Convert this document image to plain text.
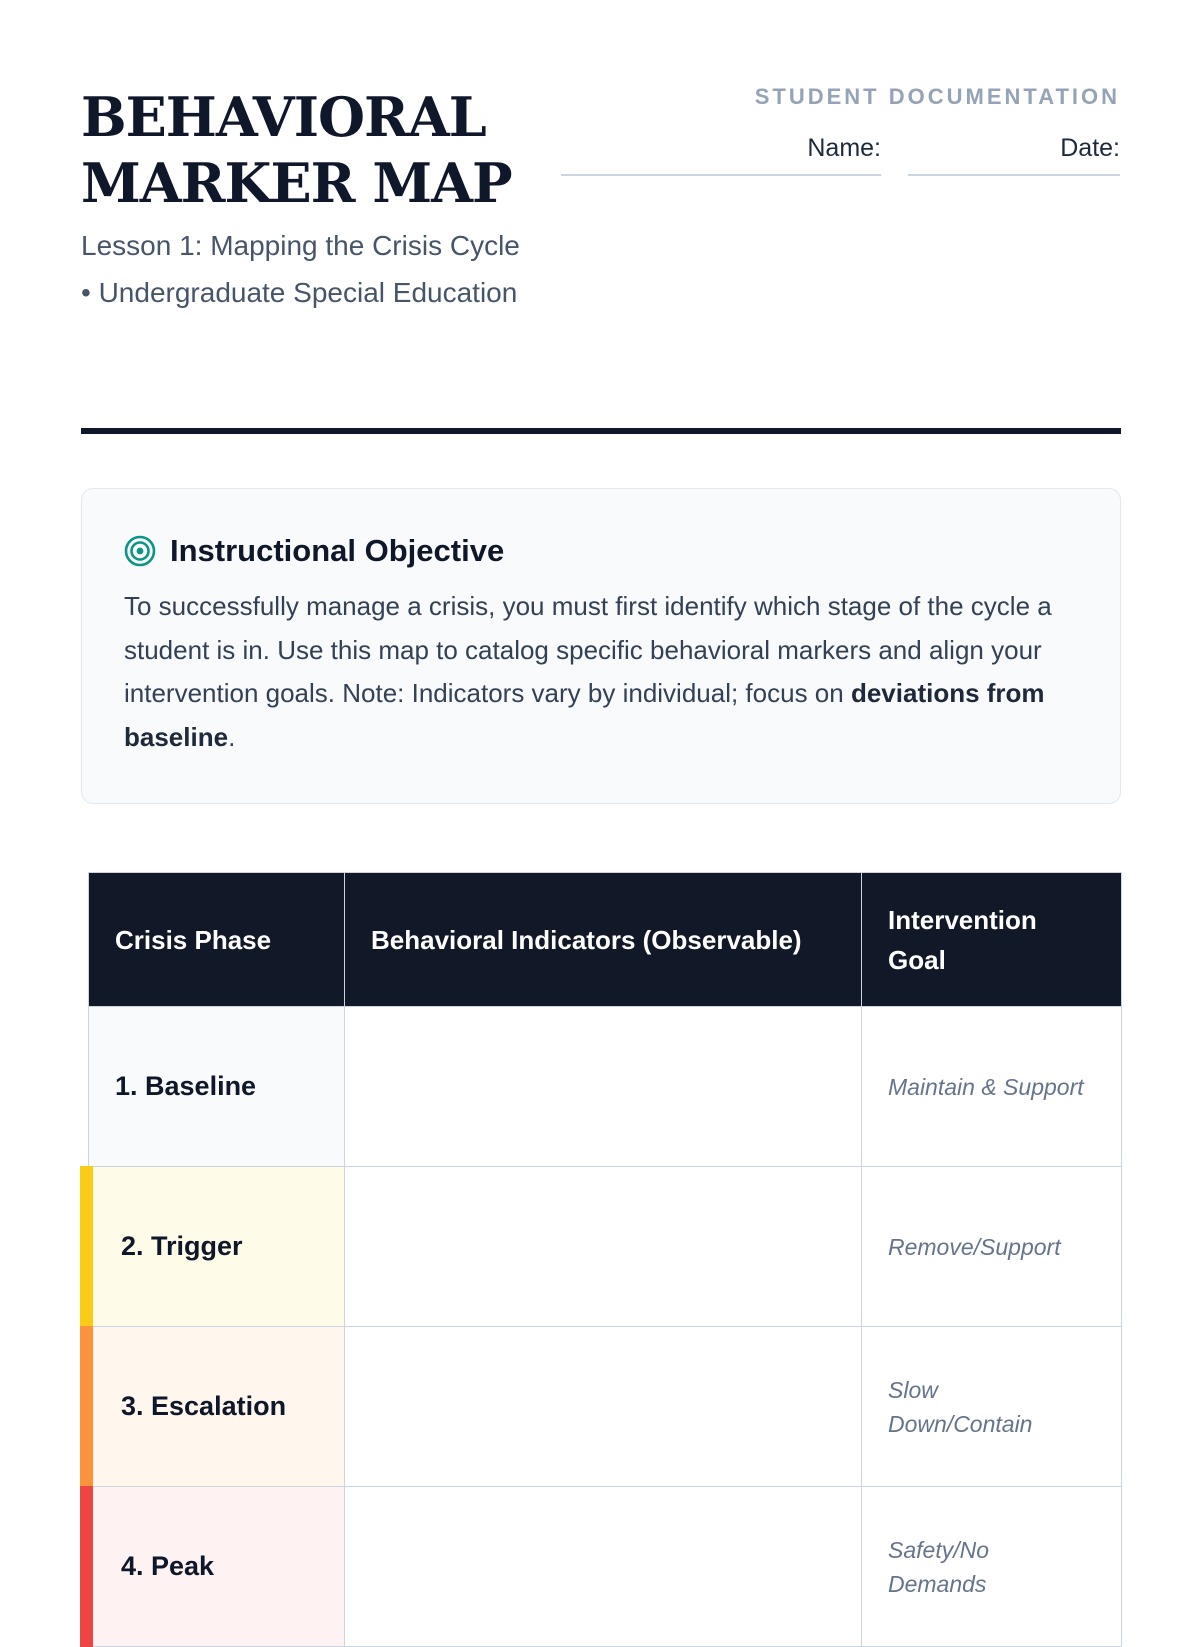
BEHAVIORAL MARKER MAP

Lesson 1: Mapping the Crisis Cycle • Undergraduate Special Education

STUDENT DOCUMENTATION
Name:	Date:
Instructional Objective
To successfully manage a crisis, you must first identify which stage of the cycle a student is in. Use this map to catalog specific behavioral markers and align your intervention goals. Note: Indicators vary by individual; focus on deviations from baseline.
Crisis Phase	Behavioral Indicators (Observable)	Intervention Goal
1. Baseline		Maintain & Support

2. Trigger		Remove/Support

3. Escalation		Slow Down/Contain

4. Peak		Safety/No Demands
